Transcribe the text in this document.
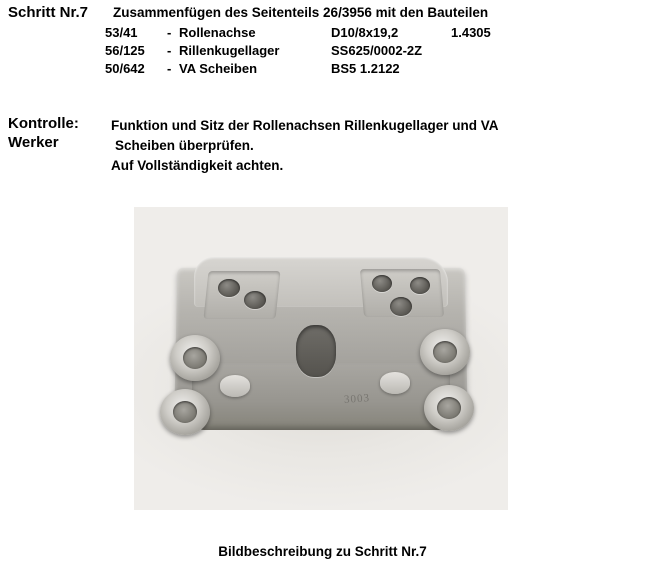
Schritt Nr.7 Zusammenfügen des Seitenteils 26/3956 mit den Bauteilen
53/41	-	Rollenachse	D10/8x19,2	1.4305
56/125	-	Rillenkugellager	SS625/0002-2Z	
50/642	-	VA Scheiben	BS5 1.2122	
Kontrolle:
Werker
Funktion und Sitz der Rollenachsen Rillenkugellager und VA
Scheiben überprüfen.
Auf Vollständigkeit achten.
3003
Bildbeschreibung zu Schritt Nr.7
